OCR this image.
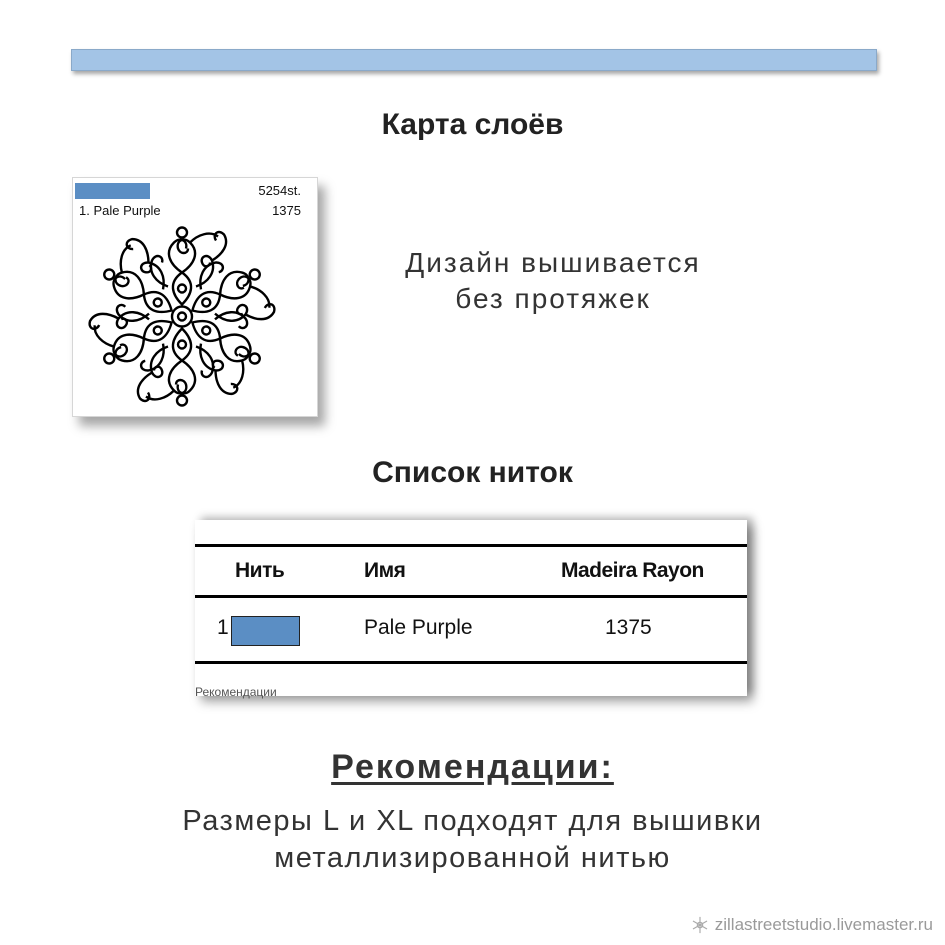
Карта слоёв
5254st.
1. Pale Purple	1375
Дизайн вышивается
без протяжек
Список ниток
Нить	Имя	Madeira Rayon
1	Pale Purple	1375
Рекомендации
Рекомендации:
Размеры L и XL подходят для вышивки
металлизированной нитью
zillastreetstudio.livemaster.ru
